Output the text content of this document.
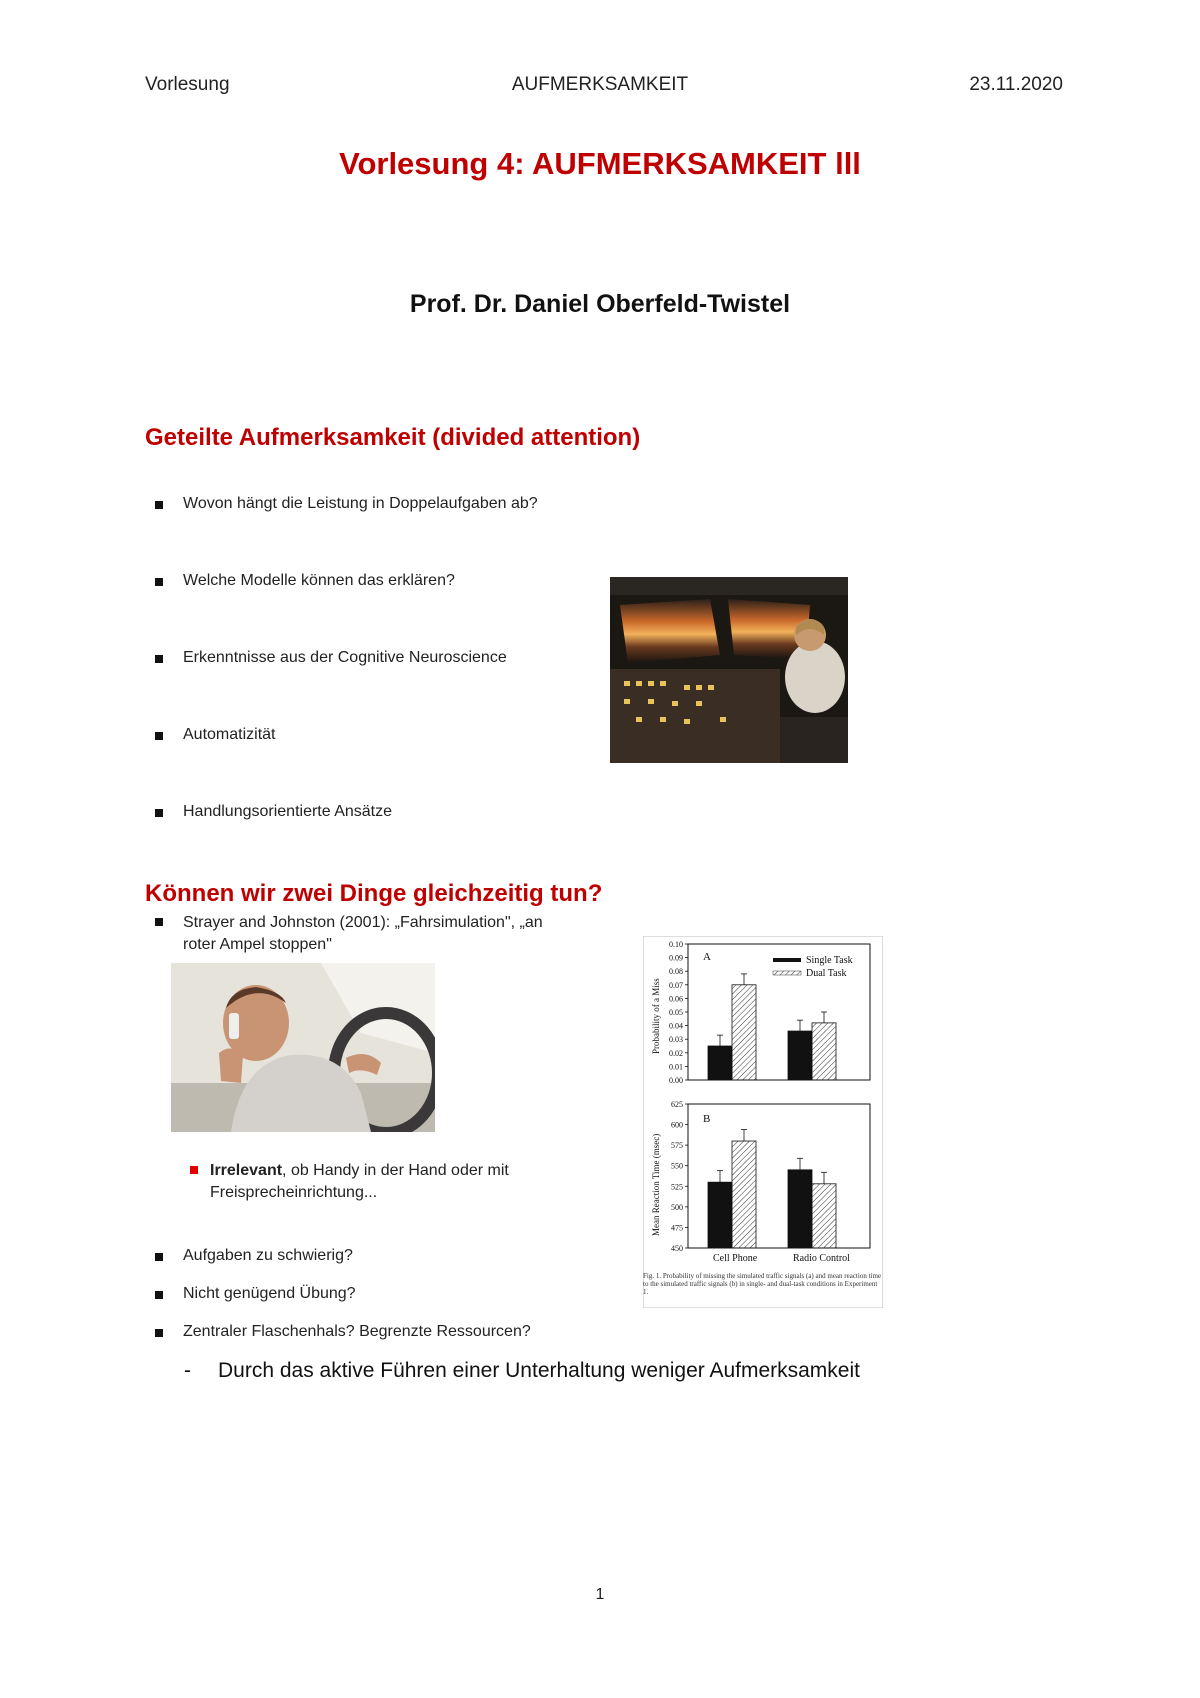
Vorlesung	AUFMERKSAMKEIT	23.11.2020
Vorlesung 4: AUFMERKSAMKEIT lll
Prof. Dr. Daniel Oberfeld-Twistel
Geteilte Aufmerksamkeit (divided attention)
Wovon hängt die Leistung in Doppelaufgaben ab?
Welche Modelle können das erklären?
Erkenntnisse aus der Cognitive Neuroscience
Automatizität
Handlungsorientierte Ansätze
Können wir zwei Dinge gleichzeitig tun?
Strayer and Johnston (2001): „Fahrsimulation", „an
roter Ampel stoppen"
Irrelevant, ob Handy in der Hand oder mit
Freisprecheinrichtung...
Aufgaben zu schwierig?
Nicht genügend Übung?
Zentraler Flaschenhals? Begrenzte Ressourcen?
- Durch das aktive Führen einer Unterhaltung weniger Aufmerksamkeit
A
B
Single Task
Dual Task
Probability of a Miss
Mean Reaction Time (msec)
Cell Phone	Radio Control
0.00
0.01
0.02
0.03
0.04
0.05
0.06
0.07
0.08
0.09
0.10
450
475
500
525
550
575
600
625
Fig. 1. Probability of missing the simulated traffic signals (a) and mean reaction time to the simulated traffic signals (b) in single- and dual-task conditions in Experiment 1.
1
